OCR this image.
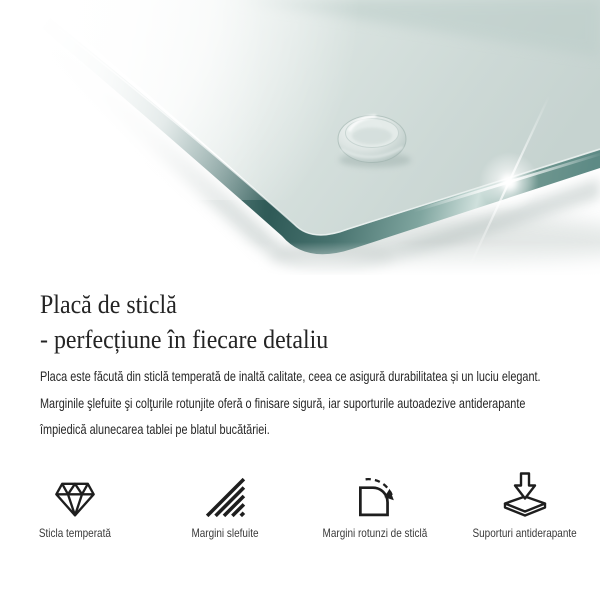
Placă de sticlă
- perfecțiune în fiecare detaliu
Placa este făcută din sticlă temperată de inaltă calitate, ceea ce asigură durabilitatea și un luciu elegant.
Marginile şlefuite şi colţurile rotunjite oferă o finisare sigură, iar suporturile autoadezive antiderapante
împiedică alunecarea tablei pe blatul bucătăriei.
Sticla temperată	Margini slefuite	Margini rotunzi de sticlă	Suporturi antiderapante
